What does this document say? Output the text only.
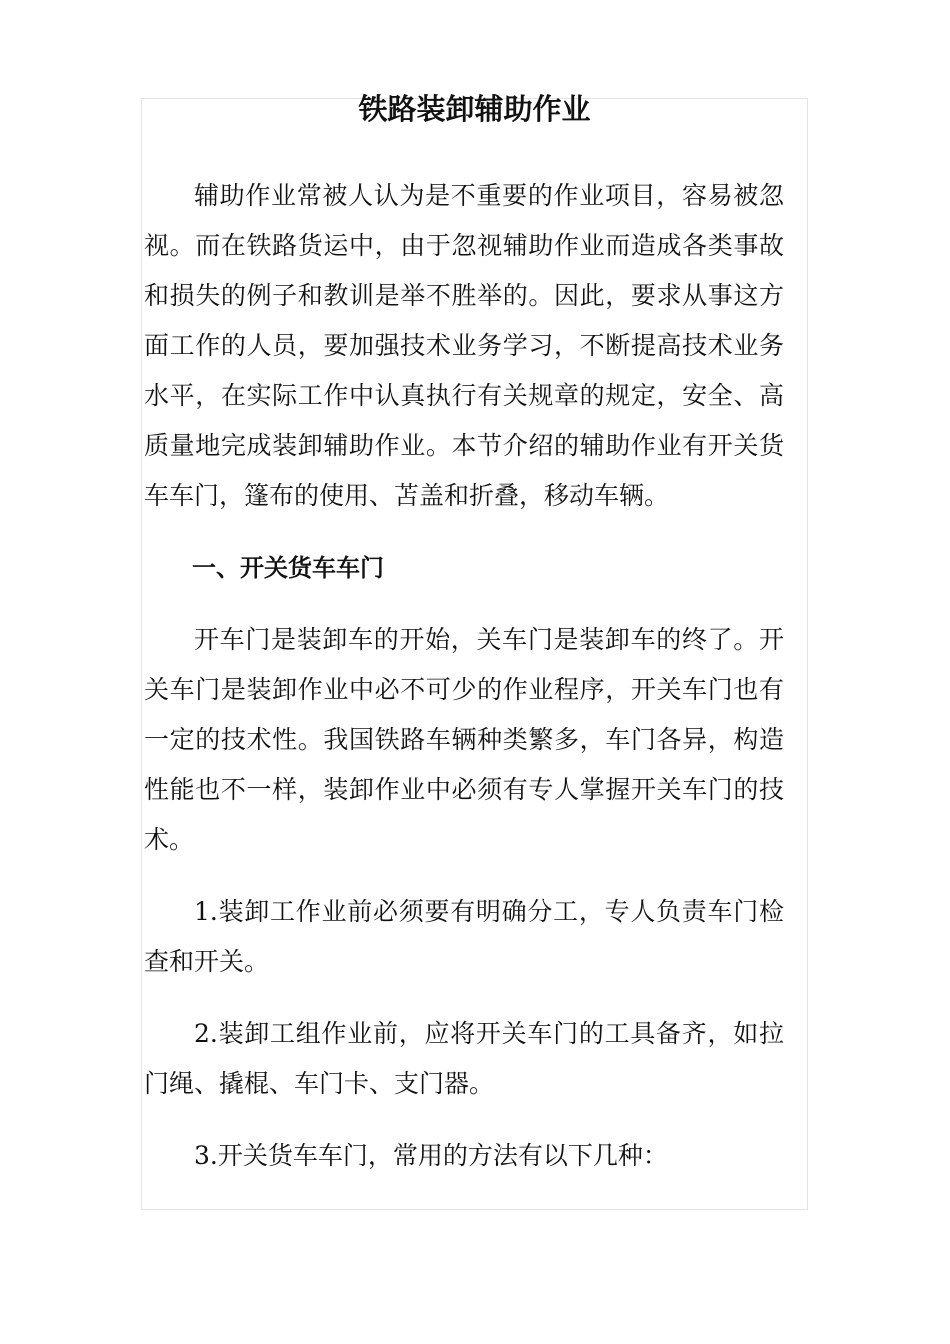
铁路装卸辅助作业

辅助作业常被人认为是不重要的作业项目，容易被忽视。而在铁路货运中，由于忽视辅助作业而造成各类事故和损失的例子和教训是举不胜举的。因此，要求从事这方面工作的人员，要加强技术业务学习，不断提高技术业务水平，在实际工作中认真执行有关规章的规定，安全、高质量地完成装卸辅助作业。本节介绍的辅助作业有开关货车车门，篷布的使用、苫盖和折叠，移动车辆。

一、开关货车车门

开车门是装卸车的开始，关车门是装卸车的终了。开关车门是装卸作业中必不可少的作业程序，开关车门也有一定的技术性。我国铁路车辆种类繁多，车门各异，构造性能也不一样，装卸作业中必须有专人掌握开关车门的技术。

1.装卸工作业前必须要有明确分工，专人负责车门检查和开关。

2.装卸工组作业前，应将开关车门的工具备齐，如拉门绳、撬棍、车门卡、支门器。

3.开关货车车门，常用的方法有以下几种：
